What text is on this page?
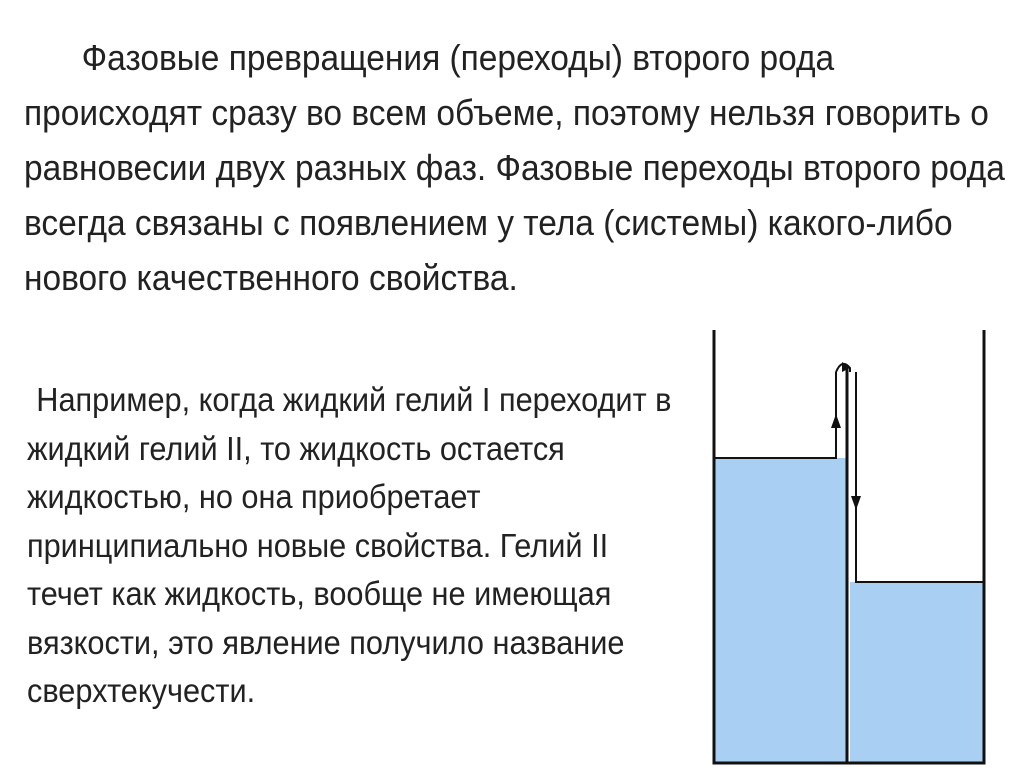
Фазовые превращения (переходы) второго рода происходят сразу во всем объеме, поэтому нельзя говорить о равновесии двух разных фаз. Фазовые переходы второго рода всегда связаны с появлением у тела (системы) какого-либо нового качественного свойства.

Например, когда жидкий гелий I переходит в жидкий гелий II, то жидкость остается жидкостью, но она приобретает принципиально новые свойства. Гелий II течет как жидкость, вообще не имеющая вязкости, это явление получило название сверхтекучести.
